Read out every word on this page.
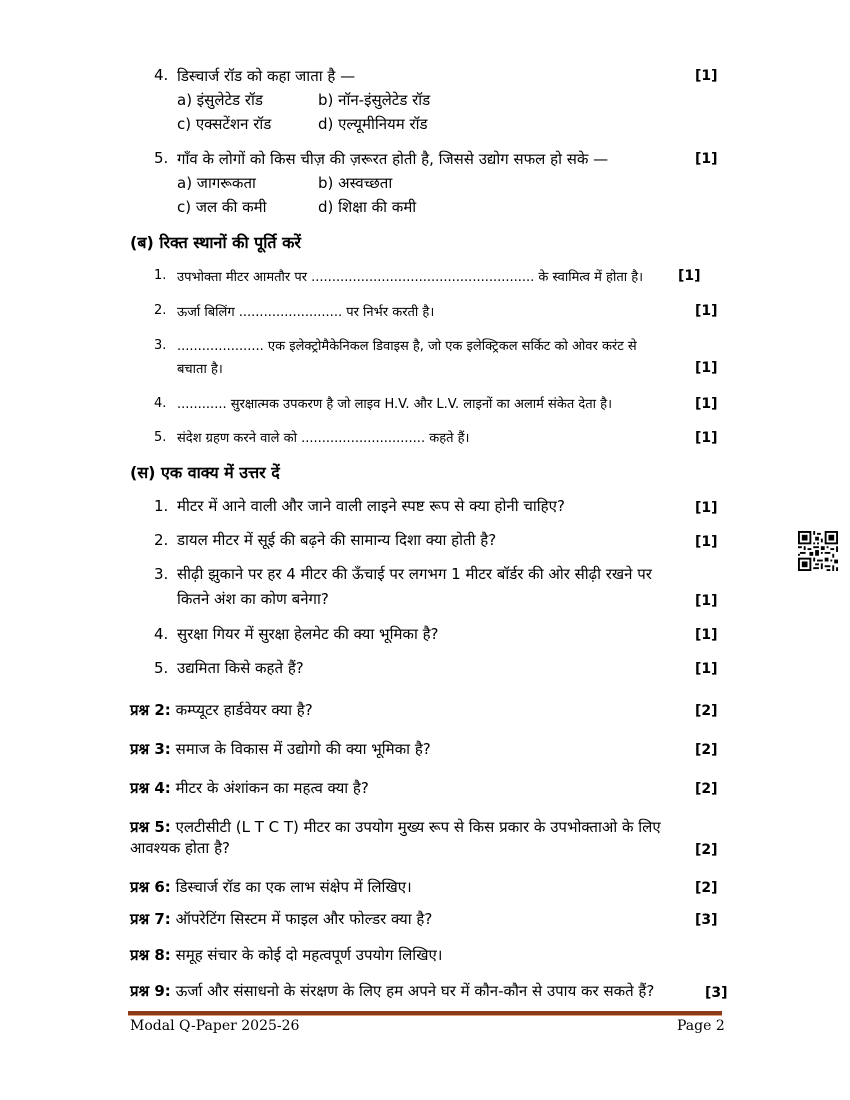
4. डिस्चार्ज रॉड को कहा जाता है —	[1]
a) इंसुलेटेड रॉड	b) नॉन-इंसुलेटेड रॉड
c) एक्सटेंशन रॉड	d) एल्यूमीनियम रॉड
5. गाँव के लोगों को किस चीज़ की ज़रूरत होती है, जिससे उद्योग सफल हो सके —	[1]
a) जागरूकता	b) अस्वच्छता
c) जल की कमी	d) शिक्षा की कमी
(ब) रिक्त स्थानों की पूर्ति करें
1. उपभोक्ता मीटर आमतौर पर ...................................................... के स्वामित्व में होता है। [1]
2. ऊर्जा बिलिंग ......................... पर निर्भर करती है।	[1]
3. ..................... एक इलेक्ट्रोमैकेनिकल डिवाइस है, जो एक इलेक्ट्रिकल सर्किट को ओवर करंट से
बचाता है।	[1]
4. ............ सुरक्षात्मक उपकरण है जो लाइव H.V. और L.V. लाइनों का अलार्म संकेत देता है।	[1]
5. संदेश ग्रहण करने वाले को .............................. कहते हैं।	[1]
(स) एक वाक्य में उत्तर दें
1. मीटर में आने वाली और जाने वाली लाइने स्पष्ट रूप से क्या होनी चाहिए?	[1]
2. डायल मीटर में सूई की बढ़ने की सामान्य दिशा क्या होती है?	[1]
3. सीढ़ी झुकाने पर हर 4 मीटर की ऊँचाई पर लगभग 1 मीटर बॉर्डर की ओर सीढ़ी रखने पर
कितने अंश का कोण बनेगा?	[1]
4. सुरक्षा गियर में सुरक्षा हेलमेट की क्या भूमिका है?	[1]
5. उद्यमिता किसे कहते हैं?	[1]
प्रश्न 2: कम्प्यूटर हार्डवेयर क्या है?	[2]
प्रश्न 3: समाज के विकास में उद्योगो की क्या भूमिका है?	[2]
प्रश्न 4: मीटर के अंशांकन का महत्व क्या है?	[2]
प्रश्न 5: एलटीसीटी (L T C T) मीटर का उपयोग मुख्य रूप से किस प्रकार के उपभोक्ताओ के लिए
आवश्यक होता है?	[2]
प्रश्न 6: डिस्चार्ज रॉड का एक लाभ संक्षेप में लिखिए।	[2]
प्रश्न 7: ऑपरेटिंग सिस्टम में फाइल और फोल्डर क्या है?	[3]
प्रश्न 8: समूह संचार के कोई दो महत्वपूर्ण उपयोग लिखिए।
प्रश्न 9: ऊर्जा और संसाधनो के संरक्षण के लिए हम अपने घर में कौन-कौन से उपाय कर सकते हैं?	[3]
Modal Q-Paper 2025-26	Page 2
